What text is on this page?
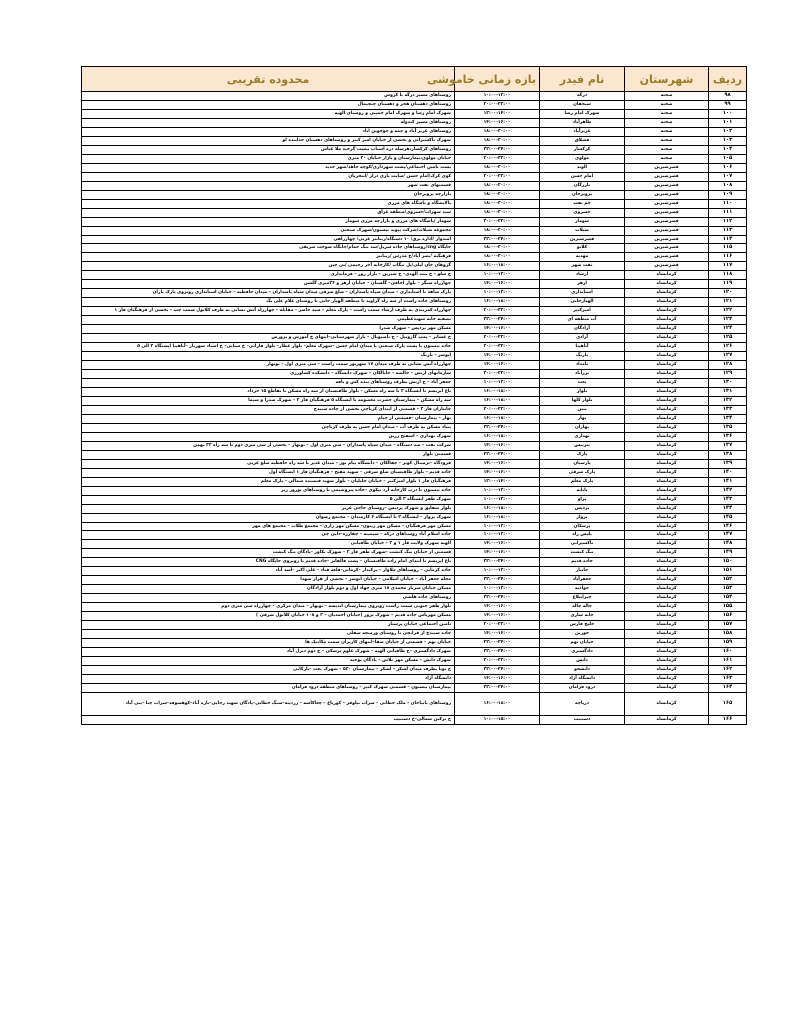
ردیف	شهرستان	نام فیدر	بازه زمانی خاموشی	محدوده تقریبی
۹۸	صحنه	درگه	۱۰:۰۰-۱۲:۰۰	روستاهای مسیر درگه تا کروس
۹۹	صحنه	سنجقان	۲۰:۰۰-۲۲:۰۰	روستاهای دهستان هجر و دهستان چنچیمال
۱۰۰	صحنه	شهرک امام رضا	۱۲:۰۰-۱۴:۰۰	شهرک امام رضا و شهرک امام خمینی و روستای الهیه
۱۰۱	صحنه	طاهرآباد	۱۴:۰۰-۱۶:۰۰	روستاهای مسیر کندوله
۱۰۲	صحنه	عزیزآباد	۱۸:۰۰-۲۰:۰۰	روستاهای عزیز آباد و چمه و چوچوین اباد
۱۰۳	صحنه	قشلاق	۱۸:۰۰-۲۰:۰۰	شهرک ناکسیرانی و بخشی از خیابان امیر کبیر و روستاهای دهستان خدابنده لو
۱۰۴	صحنه	کرکسار	۲۲:۰۰-۲۴:۰۰	روستاهای کرکسار،هرسله دره اسباب بیست گرخند ملا عباس
۱۰۵	صحنه	مولوی	۲۰:۰۰-۲۲:۰۰	خیابان مولوی،بیمارستان و بازار خیابان ۲۰ متری
۱۰۶	قصرشیرین	الوند	۱۸:۰۰-۲۰:۰۰	پشت تامین اجتماعی/پشت شهرداری/کوچه جاهد/شهر جدید
۱۰۷	قصرشیرین	امام حسن	۲۰:۰۰-۲۲:۰۰	کوی کرک/امام حسن /سایت بازی دراز /انتخربان
۱۰۸	قصرشیرین	بازرگان	۱۸:۰۰-۲۰:۰۰	قسمتهای نفت شهر
۱۰۹	قصرشیرین	پرویزخان	۱۸:۰۰-۲۰:۰۰	بازارچه پرویزخان
۱۱۰	قصرشیرین	چم نفت	۱۸:۰۰-۲۰:۰۰	پالایشگاه و پاسگاه های مرزی
۱۱۱	قصرشیرین	خسروی	۱۸:۰۰-۲۰:۰۰	سید سهراب/خسروی/منطقه عراق
۱۱۲	قصرشیرین	سومار	۲۰:۰۰-۲۲:۰۰	سومار /پاسگاه های مرزی و بازارچه مرزی سومار
۱۱۳	قصرشیرین	شیلات	۱۸:۰۰-۲۰:۰۰	مجموعه شیلات/شرکت پیوند بیستون/شهرک صنعتی
۱۱۴	قصرشیرین	قصرشیرین	۲۲:۰۰-۲۴:۰۰	امیدوار /اداره برق/ ۱۰ دستگاه/زینانبر غربی/ چهارراهی
۱۱۵	قصرشیرین	کلاتو	۱۸:۰۰-۲۰:۰۰	جایگاه cng/روستاهای جاده سرپل/سد تنگ حمام/جایگاه سوخت شریفی
۱۱۶	قصرشیرین	مهدیه	۱۸:۰۰-۲۰:۰۰	فرهنگیه /نصر آباد/خ مدرس /زینانبر
۱۱۷	قصرشیرین	نفت شهر	۱۶:۰۰-۱۸:۰۰	گروهان خان لیلی/پل تنگاب /کارخانه آجر رحیمی /نی چین
۱۱۸	کرمانشاه	ارشاد	۱۰:۰۰-۱۲:۰۰	خ سلو – خ بنت الهدی– خ شیرین – بازار روز – فرمانداری
۱۱۹	کرمانشاه	ازهر	۱۴:۰۰-۱۶:۰۰	چهارراه سنگر – بلوار اجاقی– گلستان – خیابان ازهر و ۳۶متری گلشن
۱۲۰	کرمانشاه	استانداری	۱۰:۰۰-۱۲:۰۰	پارک شاهد تا استانداری – میدان سپاه پاسداران – ضلع شرقی میدان سپاه پاسداران – میدان حافظیه – خیابان استانداری روبروی پارک باران
۱۲۱	کرمانشاه	الهیارخانی	۱۶:۰۰-۱۸:۰۰	روستاهای جاده راست از سه راه گراوند تا منطقه الهیار خانی تا روستای غلام علی بگ
۱۲۲	کرمانشاه	امیرکبیر	۲۰:۰۰-۲۲:۰۰	چهارراه کمربندی به طرف ارشاد سمت راست – پارک معلم – سید حاضر – مقابله – چهارراه آتش نشانی به طرف کلانول سمت چپ – بخشی از فرهنگیان فاز ۱
۱۲۳	کرمانشاه	آب منطقه ای	۲۲:۰۰-۲۴:۰۰	تصفیه خانه شهیدعظیمی
۱۲۴	کرمانشاه	آزادگان	۱۴:۰۰-۱۶:۰۰	مسکن مهر پردیس – شهرک صدرا
۱۲۵	کرمانشاه	آزادی	۲۰:۰۰-۲۲:۰۰	خ عشایر – پمپ گازوییل – خ ناصیونال – بازار شهرستانی–انتهای خ آموزش و پرورش
۱۲۶	کرمانشاه	آناهیتا	۲۰:۰۰-۲۲:۰۰	جاده بیستون تا پست پارک صنعتی تا میدان امام حسن –شهرک معلم– بلوار عطار– بلوار فارابی– خ ستایی– خ استاد شهریار –آناهیتا ایستگاه ۳ الی ۵
۱۲۷	کرمانشاه	بارنگ	۱۴:۰۰-۱۶:۰۰	انوشر – بارنگ
۱۲۸	کرمانشاه	بامداد	۱۴:۰۰-۱۶:۰۰	چهارراه آتش نشانی به طرف میدان ۱۷ شهریور سمت راست – سی متری اول – نوبهار
۱۲۹	کرمانشاه	برزآباد	۲۰:۰۰-۲۲:۰۰	سازمانهای ارتش – خالصه – جانالکان – شهرک دانشگاه – دانشکده کشاورزی
۱۳۰	کرمانشاه	بعث	۱۰:۰۰-۱۲:۰۰	جعفر آباد – خ ارتش بطرف روستاهای بنده کش و بافه
۱۳۱	کرمانشاه	بلوار	۱۶:۰۰-۱۸:۰۰	باغ ابریشم تا ایستگاه ۲ تا سه راه مسکن – بلوار طاقبستان از سه راه مسکن تا تقاطع ۱۵ خرداد
۱۳۲	کرمانشاه	بلوار کلها	۱۶:۰۰-۱۸:۰۰	سه راه مسکن – بیمارستان حضرت معصومه تا ایستگاه ۵ فرهنگیان فاز ۲ – شهرک صدرا و سیما
۱۳۳	کرمانشاه	بنتن	۲۰:۰۰-۲۲:۰۰	جانبازان فاز ۳ – قسمتی از ابتدای کرناچی بخشی از جاده سنندج
۱۳۴	کرمانشاه	بهار	۱۶:۰۰-۱۸:۰۰	بهار – بیمارستان –قسمتی از خیام
۱۳۵	کرمانشاه	بهاران	۲۲:۰۰-۲۴:۰۰	بنیاد مسکن به طرف آب – میدان امام حسن به طرف کرناچی
۱۳۶	کرمانشاه	بهداری	۱۶:۰۰-۱۸:۰۰	شهرک بهداری – اسفنج زرین
۱۳۷	کرمانشاه	بیزنیس	۱۴:۰۰-۱۶:۰۰	شرکت نفت – صد دستگاه – میدان سپاه پاسداران – سی متری اول – نوبهار – بخشی از سی متری دوم تا سه راه ۳۲ بهمن
۱۳۸	کرمانشاه	پارک	۲۲:۰۰-۲۴:۰۰	قسمتی بلوار
۱۳۹	کرمانشاه	پارسیان	۱۴:۰۰-۱۶:۰۰	فرودگاه –ترمینال کوثر – چقالکان – دانشگاه پیام نور – میدان غدیر تا سه راه حافظیه ضلع غربی
۱۴۰	کرمانشاه	پارک شرقی	۱۴:۰۰-۱۶:۰۰	جاده قدیم – بلوار طاقبستان ضلع شرقی – شهید مفتح – فرهنگیان فاز ۱ ایستگاه اول
۱۴۱	کرمانشاه	پارک معلم	۱۲:۰۰-۱۴:۰۰	فرهنگیان فاز ۱ بلوار امیرکبیر – خیابان جلیلیان – بلوار شهید قیصیده شمالی – پارک معلم
۱۴۲	کرمانشاه	پایانه	۱۰:۰۰-۱۲:۰۰	جاده بیستون تا درب کارخانه آرد نیکوی –جاده پتروشیمی تا روستاهای نوروز ریز
۱۴۳	کرمانشاه	پراو	۱۰:۰۰-۱۲:۰۰	شهرک ظفر ایستگاه ۳ الی ۵
۱۴۴	کرمانشاه	پردیس	۱۶:۰۰-۱۸:۰۰	بلوار شقایق و شهرک پردیس –روستای حاجی عزیز
۱۴۵	کرمانشاه	پرواز	۱۶:۰۰-۱۸:۰۰	شهرک پرواز – ایستگاه ۲ تا ایستگاه ۶ کارمندان – مجتمع رضوان
۱۴۶	کرمانشاه	پزشکان	۱۰:۰۰-۱۲:۰۰	مسکن مهر فرهنگیان – مسکن مهر زیتون– مسکن مهر رازی – مجتمع طلاب – مجتمع های مهر
۱۴۷	کرمانشاه	پلیس راه	۱۰:۰۰-۱۲:۰۰	جاده اسلام آباد روستاهای درکه – سیمینه – چقارزه–دایی چی
۱۴۸	کرمانشاه	تاکسیرانی	۱۴:۰۰-۱۶:۰۰	الهیه شهرک ولایت فاز ۱ و ۲ – خیابان طاقبانی
۱۴۹	کرمانشاه	تنگ کنشت	۱۴:۰۰-۱۶:۰۰	قسمتی از خیابان تنگ کنشت –شهرک ظفر فاز ۲ – شهرک تکاور –پادگان تنگ کنشت
۱۵۰	کرمانشاه	جاده قدیم	۲۲:۰۰-۲۴:۰۰	باغ ابریشم تا ابتدای امام زاده طاقبستان – پشت فالفانر –جاده قدیم تا روبروی جایگاه CNG
۱۵۱	کرمانشاه	جابنار	۱۰:۰۰-۱۲:۰۰	جاده کرمانی – روستاهای ملاوار – برکندار –کرمانی–قلعه قباد – علی اکبر –اسد آباد
۱۵۲	کرمانشاه	جعفرآباد	۲۲:۰۰-۲۴:۰۰	محله جعفر آباد – خیابان اسلامی – خیابان انوشر – بخشی از هزار شهدا
۱۵۳	کرمانشاه	جوادیه	۱۰:۰۰-۱۲:۰۰	مسکن خیابان سرباز محمدی ۱۸ متری جهاد اول و دوم بلوار آزادگان
۱۵۴	کرمانشاه	جیرانبلاغ	۲۲:۰۰-۲۴:۰۰	روستاهای جاده هلشی
۱۵۵	کرمانشاه	چاله چاله	۱۴:۰۰-۱۶:۰۰	بلوار ظفر جنوبی سمت راست روبروی بیمارستان اندیشه – نوبهار – میدان مرکزی – چهارراه سی متری دوم
۱۵۶	کرمانشاه	خانه سازی	۱۴:۰۰-۱۶:۰۰	مسکن مهرپاس جاده قدیم – شهرک پروز (خیابان احمدیان – ۲ و ۱۰۸ خیابان کلانول شرقی )
۱۵۷	کرمانشاه	خلیج فارس	۲۰:۰۰-۲۲:۰۰	تامین اجتماعی خیابان پرستار
۱۵۸	کرمانشاه	خورین	۱۴:۰۰-۱۶:۰۰	جاده سنندج از قزانچی تا روستای ورمنجه سفلی
۱۵۹	کرمانشاه	خیابان نهم	۲۲:۰۰-۲۴:۰۰	خیابان نهم – قسمتی از خیابان صفا–انتهای کاربران سمت مکانیک ها
۱۶۰	کرمانشاه	دادگستری	۲۲:۰۰-۲۴:۰۰	شهرک دادگستری –خ طاقبانی الهیه – شهرک علوم پزشکی – خ دوم دیزل آباد
۱۶۱	کرمانشاه	دانش	۲۰:۰۰-۲۲:۰۰	شهرک دانش – مسکن مهر تلاش – پادگان توحید
۱۶۲	کرمانشاه	دانشجو	۲۲:۰۰-۲۴:۰۰	خ نوبا بطرف میدان لشکر – لشکر – بیمارستان ۵۲۰ – شهرک بعث –بارکانی
۱۶۳	کرمانشاه	دانشگاه آزاد	۱۴:۰۰-۱۶:۰۰	دانشگاه آزاد
۱۶۴	کرمانشاه	درود فرامان	۲۲:۰۰-۲۴:۰۰	بیمارستان بیستون – قسمتی شهرک کبیر – روستاهای منطقه درود فرامان
۱۶۵	کرمانشاه	دریاچه	۱۶:۰۰-۱۸:۰۰	روستاهای بانیاحان – ملک خطابی – سراب نیلوفر – کورباغ – چغاکاسه – زردینه–سنگ خطابی–پادگان شهید رجایی–تازه آباد–کوهسوفد–سراب چنا –بنی آباد
۱۶۶	کرمانشاه	دستنیب	۱۰:۰۰-۱۵:۰۰	خ ترکین شمالی–خ دستنیب
